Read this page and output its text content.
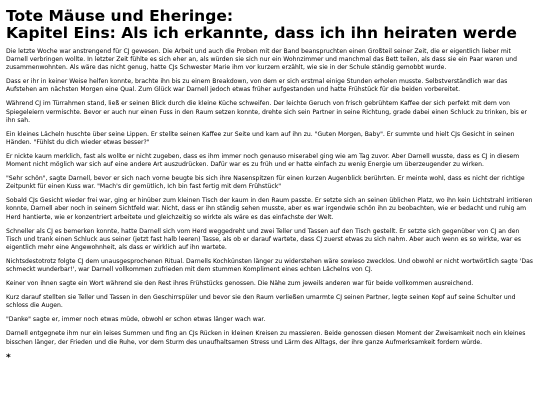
Tote Mäuse und Eheringe:
Kapitel Eins: Als ich erkannte, dass ich ihn heiraten werde

Die letzte Woche war anstrengend für CJ gewesen. Die Arbeit und auch die Proben mit der Band beanspruchten einen Großteil seiner Zeit, die er eigentlich lieber mit Darnell verbringen wollte. In letzter Zeit fühlte es sich eher an, als würden sie sich nur ein Wohnzimmer und manchmal das Bett teilen, als dass sie ein Paar waren und zusammenwohnten. Als wäre das nicht genug, hatte CJs Schwester Marie ihm vor kurzem erzählt, wie sie in der Schule ständig gemobbt wurde.

Dass er ihr in keiner Weise helfen konnte, brachte ihn bis zu einem Breakdown, von dem er sich erstmal einige Stunden erholen musste. Selbstverständlich war das Aufstehen am nächsten Morgen eine Qual. Zum Glück war Darnell jedoch etwas früher aufgestanden und hatte Frühstück für die beiden vorbereitet.

Während CJ im Türrahmen stand, ließ er seinen Blick durch die kleine Küche schweifen. Der leichte Geruch von frisch gebrühtem Kaffee der sich perfekt mit dem von Spiegeleiern vermischte. Bevor er auch nur einen Fuss in den Raum setzen konnte, drehte sich sein Partner in seine Richtung, grade dabei einen Schluck zu trinken, bis er ihn sah.

Ein kleines Lächeln huschte über seine Lippen. Er stellte seinen Kaffee zur Seite und kam auf ihn zu. "Guten Morgen, Baby". Er summte und hielt CJs Gesicht in seinen Händen. "Fühlst du dich wieder etwas besser?"

Er nickte kaum merklich, fast als wollte er nicht zugeben, dass es ihm immer noch genauso miserabel ging wie am Tag zuvor. Aber Darnell wusste, dass es CJ in diesem Moment nicht möglich war sich auf eine andere Art auszudrücken. Dafür war es zu früh und er hatte einfach zu wenig Energie um überzeugender zu wirken.

"Sehr schön", sagte Darnell, bevor er sich nach vorne beugte bis sich ihre Nasenspitzen für einen kurzen Augenblick berührten. Er meinte wohl, dass es nicht der richtige Zeitpunkt für einen Kuss war. "Mach's dir gemütlich, Ich bin fast fertig mit dem Frühstück"

Sobald CJs Gesicht wieder frei war, ging er hinüber zum kleinen Tisch der kaum in den Raum passte. Er setzte sich an seinen üblichen Platz, wo ihn kein Lichtstrahl irritieren konnte, Darnell aber noch in seinem Sichtfeld war. Nicht, dass er ihn ständig sehen musste, aber es war irgendwie schön ihn zu beobachten, wie er bedacht und ruhig am Herd hantierte, wie er konzentriert arbeitete und gleichzeitig so wirkte als wäre es das einfachste der Welt.

Schneller als CJ es bemerken konnte, hatte Darnell sich vom Herd weggedreht und zwei Teller und Tassen auf den Tisch gestellt. Er setzte sich gegenüber von CJ an den Tisch und trank einen Schluck aus seiner (jetzt fast halb leeren) Tasse, als ob er darauf wartete, dass CJ zuerst etwas zu sich nahm. Aber auch wenn es so wirkte, war es eigentlich mehr eine Angewohnheit, als dass er wirklich auf ihn wartete.

Nichtsdestotrotz folgte CJ dem unausgesprochenen Ritual. Darnells Kochkünsten länger zu widerstehen wäre sowieso zwecklos. Und obwohl er nicht wortwörtlich sagte 'Das schmeckt wunderbar!', war Darnell vollkommen zufrieden mit dem stummen Kompliment eines echten Lächelns von CJ.

Keiner von ihnen sagte ein Wort während sie den Rest ihres Frühstücks genossen. Die Nähe zum jeweils anderen war für beide vollkommen ausreichend.

Kurz darauf stellten sie Teller und Tassen in den Geschirrspüler und bevor sie den Raum verließen umarmte CJ seinen Partner, legte seinen Kopf auf seine Schulter und schloss die Augen.

"Danke" sagte er, immer noch etwas müde, obwohl er schon etwas länger wach war.

Darnell entgegnete ihm nur ein leises Summen und fing an CJs Rücken in kleinen Kreisen zu massieren. Beide genossen diesen Moment der Zweisamkeit noch ein kleines bisschen länger, der Frieden und die Ruhe, vor dem Sturm des unaufhaltsamen Stress und Lärm des Alltags, der ihre ganze Aufmerksamkeit fordern würde.

*
